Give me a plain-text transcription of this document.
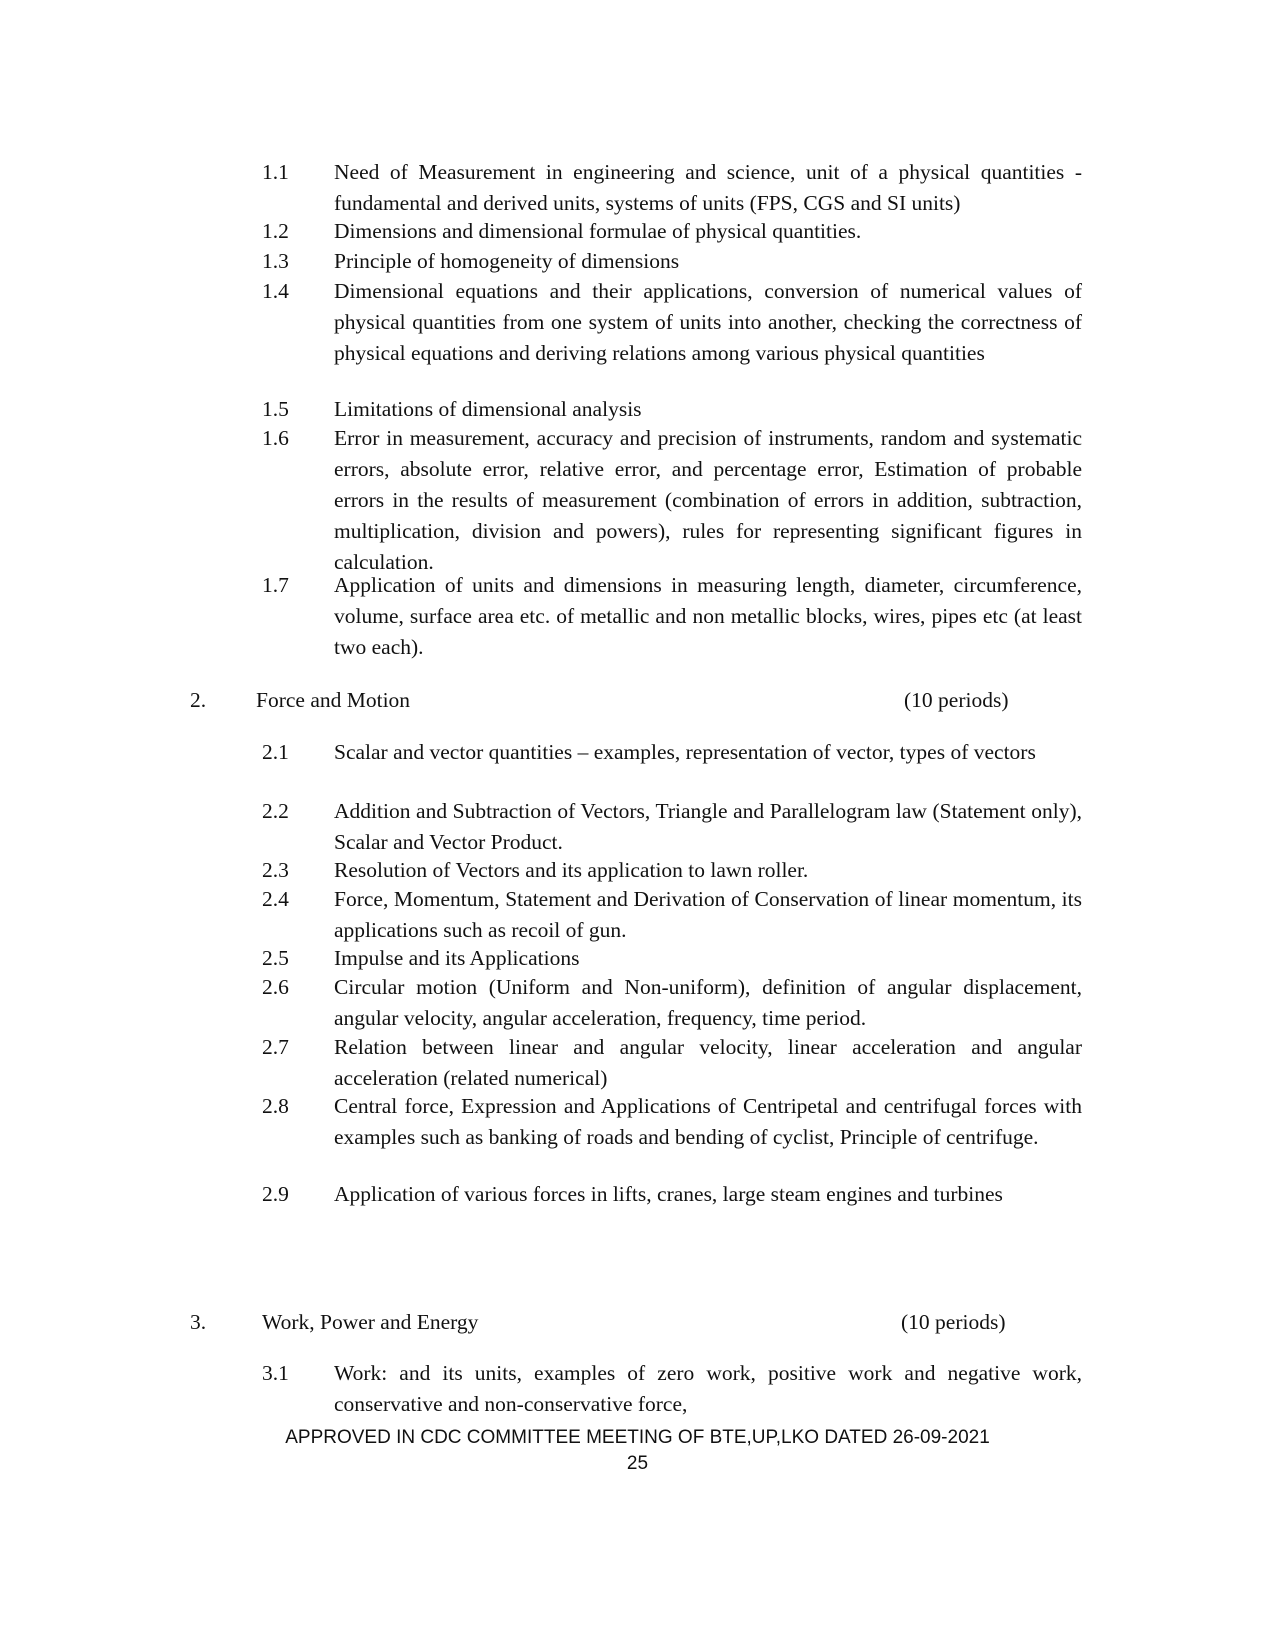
1.1	Need of Measurement in engineering and science, unit of a physical quantities - fundamental and derived units, systems of units (FPS, CGS and SI units)
1.2	Dimensions and dimensional formulae of physical quantities.
1.3	Principle of homogeneity of dimensions
1.4	Dimensional equations and their applications, conversion of numerical values of physical quantities from one system of units into another, checking the correctness of physical equations and deriving relations among various physical quantities
1.5	Limitations of dimensional analysis
1.6	Error in measurement, accuracy and precision of instruments, random and systematic errors, absolute error, relative error, and percentage error, Estimation of probable errors in the results of measurement (combination of errors in addition, subtraction, multiplication, division and powers), rules for representing significant figures in calculation.
1.7	Application of units and dimensions in measuring length, diameter, circumference, volume, surface area etc. of metallic and non metallic blocks, wires, pipes etc (at least two each).
2. Force and Motion	(10 periods)
2.1	Scalar and vector quantities – examples, representation of vector, types of vectors
2.2	Addition and Subtraction of Vectors, Triangle and Parallelogram law (Statement only), Scalar and Vector Product.
2.3	Resolution of Vectors and its application to lawn roller.
2.4	Force, Momentum, Statement and Derivation of Conservation of linear momentum, its applications such as recoil of gun.
2.5	Impulse and its Applications
2.6	Circular motion (Uniform and Non-uniform), definition of angular displacement, angular velocity, angular acceleration, frequency, time period.
2.7	Relation between linear and angular velocity, linear acceleration and angular acceleration (related numerical)
2.8	Central force, Expression and Applications of Centripetal and centrifugal forces with examples such as banking of roads and bending of cyclist, Principle of centrifuge.
2.9	Application of various forces in lifts, cranes, large steam engines and turbines
3.	Work, Power and Energy	(10 periods)
3.1	Work: and its units, examples of zero work, positive work and negative work, conservative and non-conservative force,
APPROVED IN CDC COMMITTEE MEETING OF BTE,UP,LKO DATED 26-09-2021
25
